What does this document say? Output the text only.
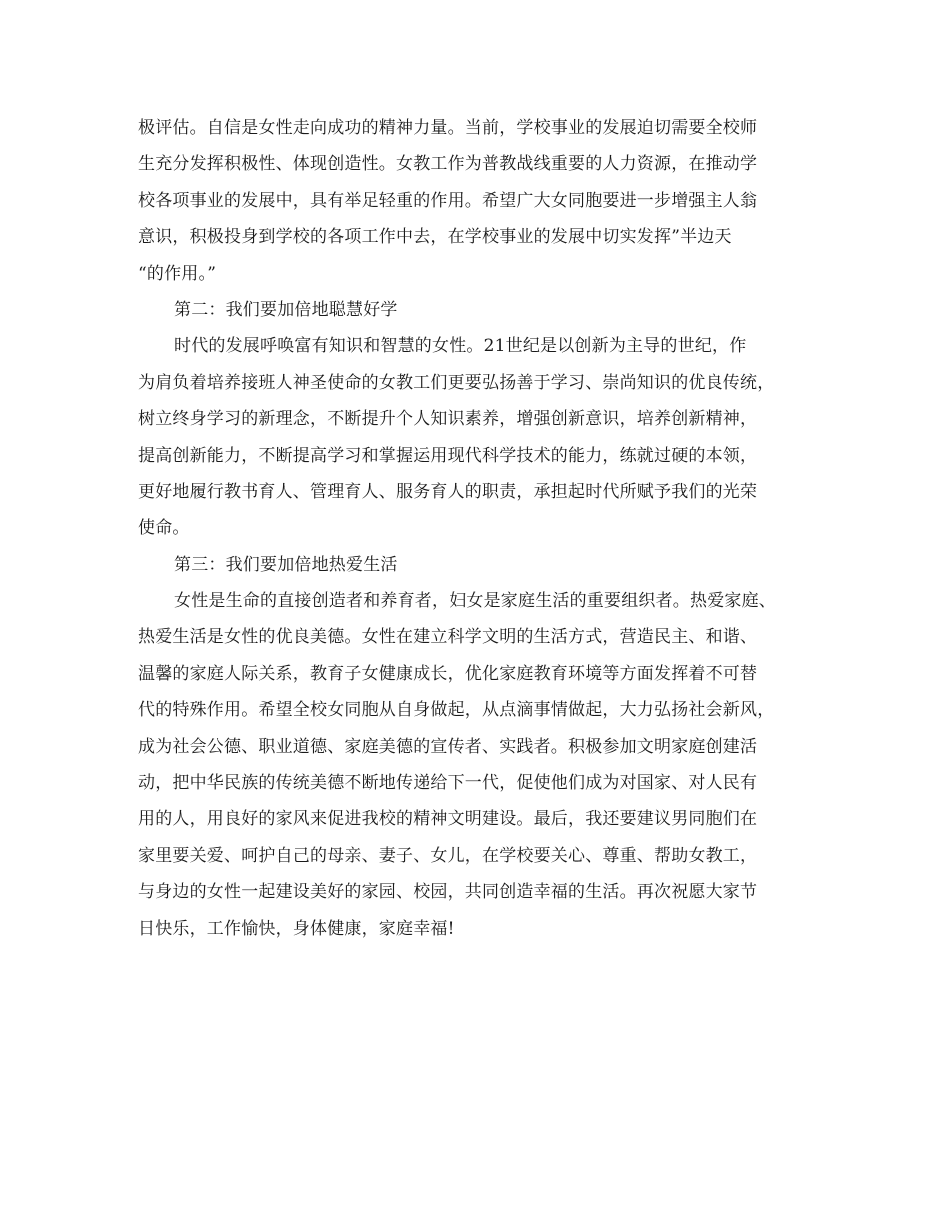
极评估。自信是女性走向成功的精神力量。当前，学校事业的发展迫切需要全校师
生充分发挥积极性、体现创造性。女教工作为普教战线重要的人力资源，在推动学
校各项事业的发展中，具有举足轻重的作用。希望广大女同胞要进一步增强主人翁
意识，积极投身到学校的各项工作中去，在学校事业的发展中切实发挥”半边天
“的作用。”
第二：我们要加倍地聪慧好学
时代的发展呼唤富有知识和智慧的女性。21世纪是以创新为主导的世纪，作
为肩负着培养接班人神圣使命的女教工们更要弘扬善于学习、崇尚知识的优良传统，
树立终身学习的新理念，不断提升个人知识素养，增强创新意识，培养创新精神，
提高创新能力，不断提高学习和掌握运用现代科学技术的能力，练就过硬的本领，
更好地履行教书育人、管理育人、服务育人的职责，承担起时代所赋予我们的光荣
使命。
第三：我们要加倍地热爱生活
女性是生命的直接创造者和养育者，妇女是家庭生活的重要组织者。热爱家庭、
热爱生活是女性的优良美德。女性在建立科学文明的生活方式，营造民主、和谐、
温馨的家庭人际关系，教育子女健康成长，优化家庭教育环境等方面发挥着不可替
代的特殊作用。希望全校女同胞从自身做起，从点滴事情做起，大力弘扬社会新风，
成为社会公德、职业道德、家庭美德的宣传者、实践者。积极参加文明家庭创建活
动，把中华民族的传统美德不断地传递给下一代，促使他们成为对国家、对人民有
用的人，用良好的家风来促进我校的精神文明建设。最后，我还要建议男同胞们在
家里要关爱、呵护自己的母亲、妻子、女儿，在学校要关心、尊重、帮助女教工，
与身边的女性一起建设美好的家园、校园，共同创造幸福的生活。再次祝愿大家节
日快乐，工作愉快，身体健康，家庭幸福!
